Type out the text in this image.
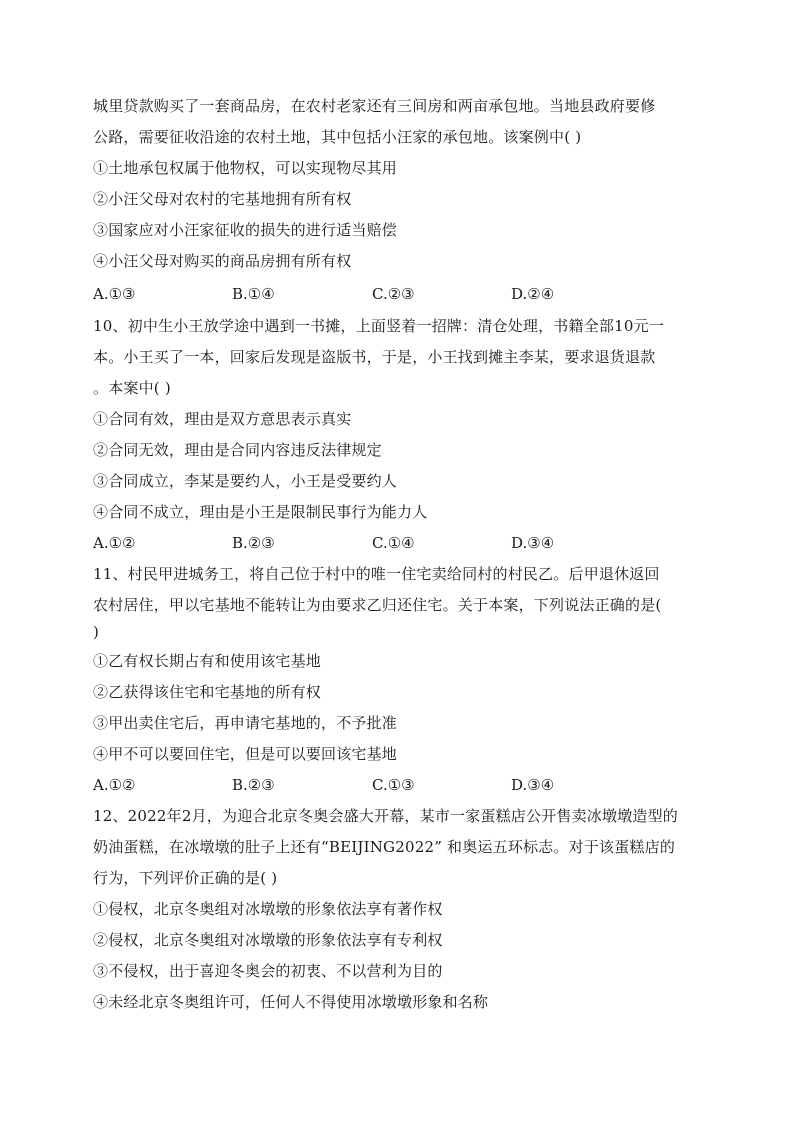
城里贷款购买了一套商品房，在农村老家还有三间房和两亩承包地。当地县政府要修
公路，需要征收沿途的农村土地，其中包括小汪家的承包地。该案例中( )
①土地承包权属于他物权，可以实现物尽其用
②小汪父母对农村的宅基地拥有所有权
③国家应对小汪家征收的损失的进行适当赔偿
④小汪父母对购买的商品房拥有所有权
A.①③	B.①④	C.②③	D.②④
10、初中生小王放学途中遇到一书摊，上面竖着一招牌：清仓处理，书籍全部10元一
本。小王买了一本，回家后发现是盗版书，于是，小王找到摊主李某，要求退货退款
。本案中( )
①合同有效，理由是双方意思表示真实
②合同无效，理由是合同内容违反法律规定
③合同成立，李某是要约人，小王是受要约人
④合同不成立，理由是小王是限制民事行为能力人
A.①②	B.②③	C.①④	D.③④
11、村民甲进城务工，将自己位于村中的唯一住宅卖给同村的村民乙。后甲退休返回
农村居住，甲以宅基地不能转让为由要求乙归还住宅。关于本案，下列说法正确的是(
)
①乙有权长期占有和使用该宅基地
②乙获得该住宅和宅基地的所有权
③甲出卖住宅后，再申请宅基地的，不予批准
④甲不可以要回住宅，但是可以要回该宅基地
A.①②	B.②③	C.①③	D.③④
12、2022年2月，为迎合北京冬奥会盛大开幕，某市一家蛋糕店公开售卖冰墩墩造型的
奶油蛋糕，在冰墩墩的肚子上还有“BEIJING2022” 和奥运五环标志。对于该蛋糕店的
行为，下列评价正确的是( )
①侵权，北京冬奥组对冰墩墩的形象依法享有著作权
②侵权，北京冬奥组对冰墩墩的形象依法享有专利权
③不侵权，出于喜迎冬奥会的初衷、不以营利为目的
④未经北京冬奥组许可，任何人不得使用冰墩墩形象和名称
